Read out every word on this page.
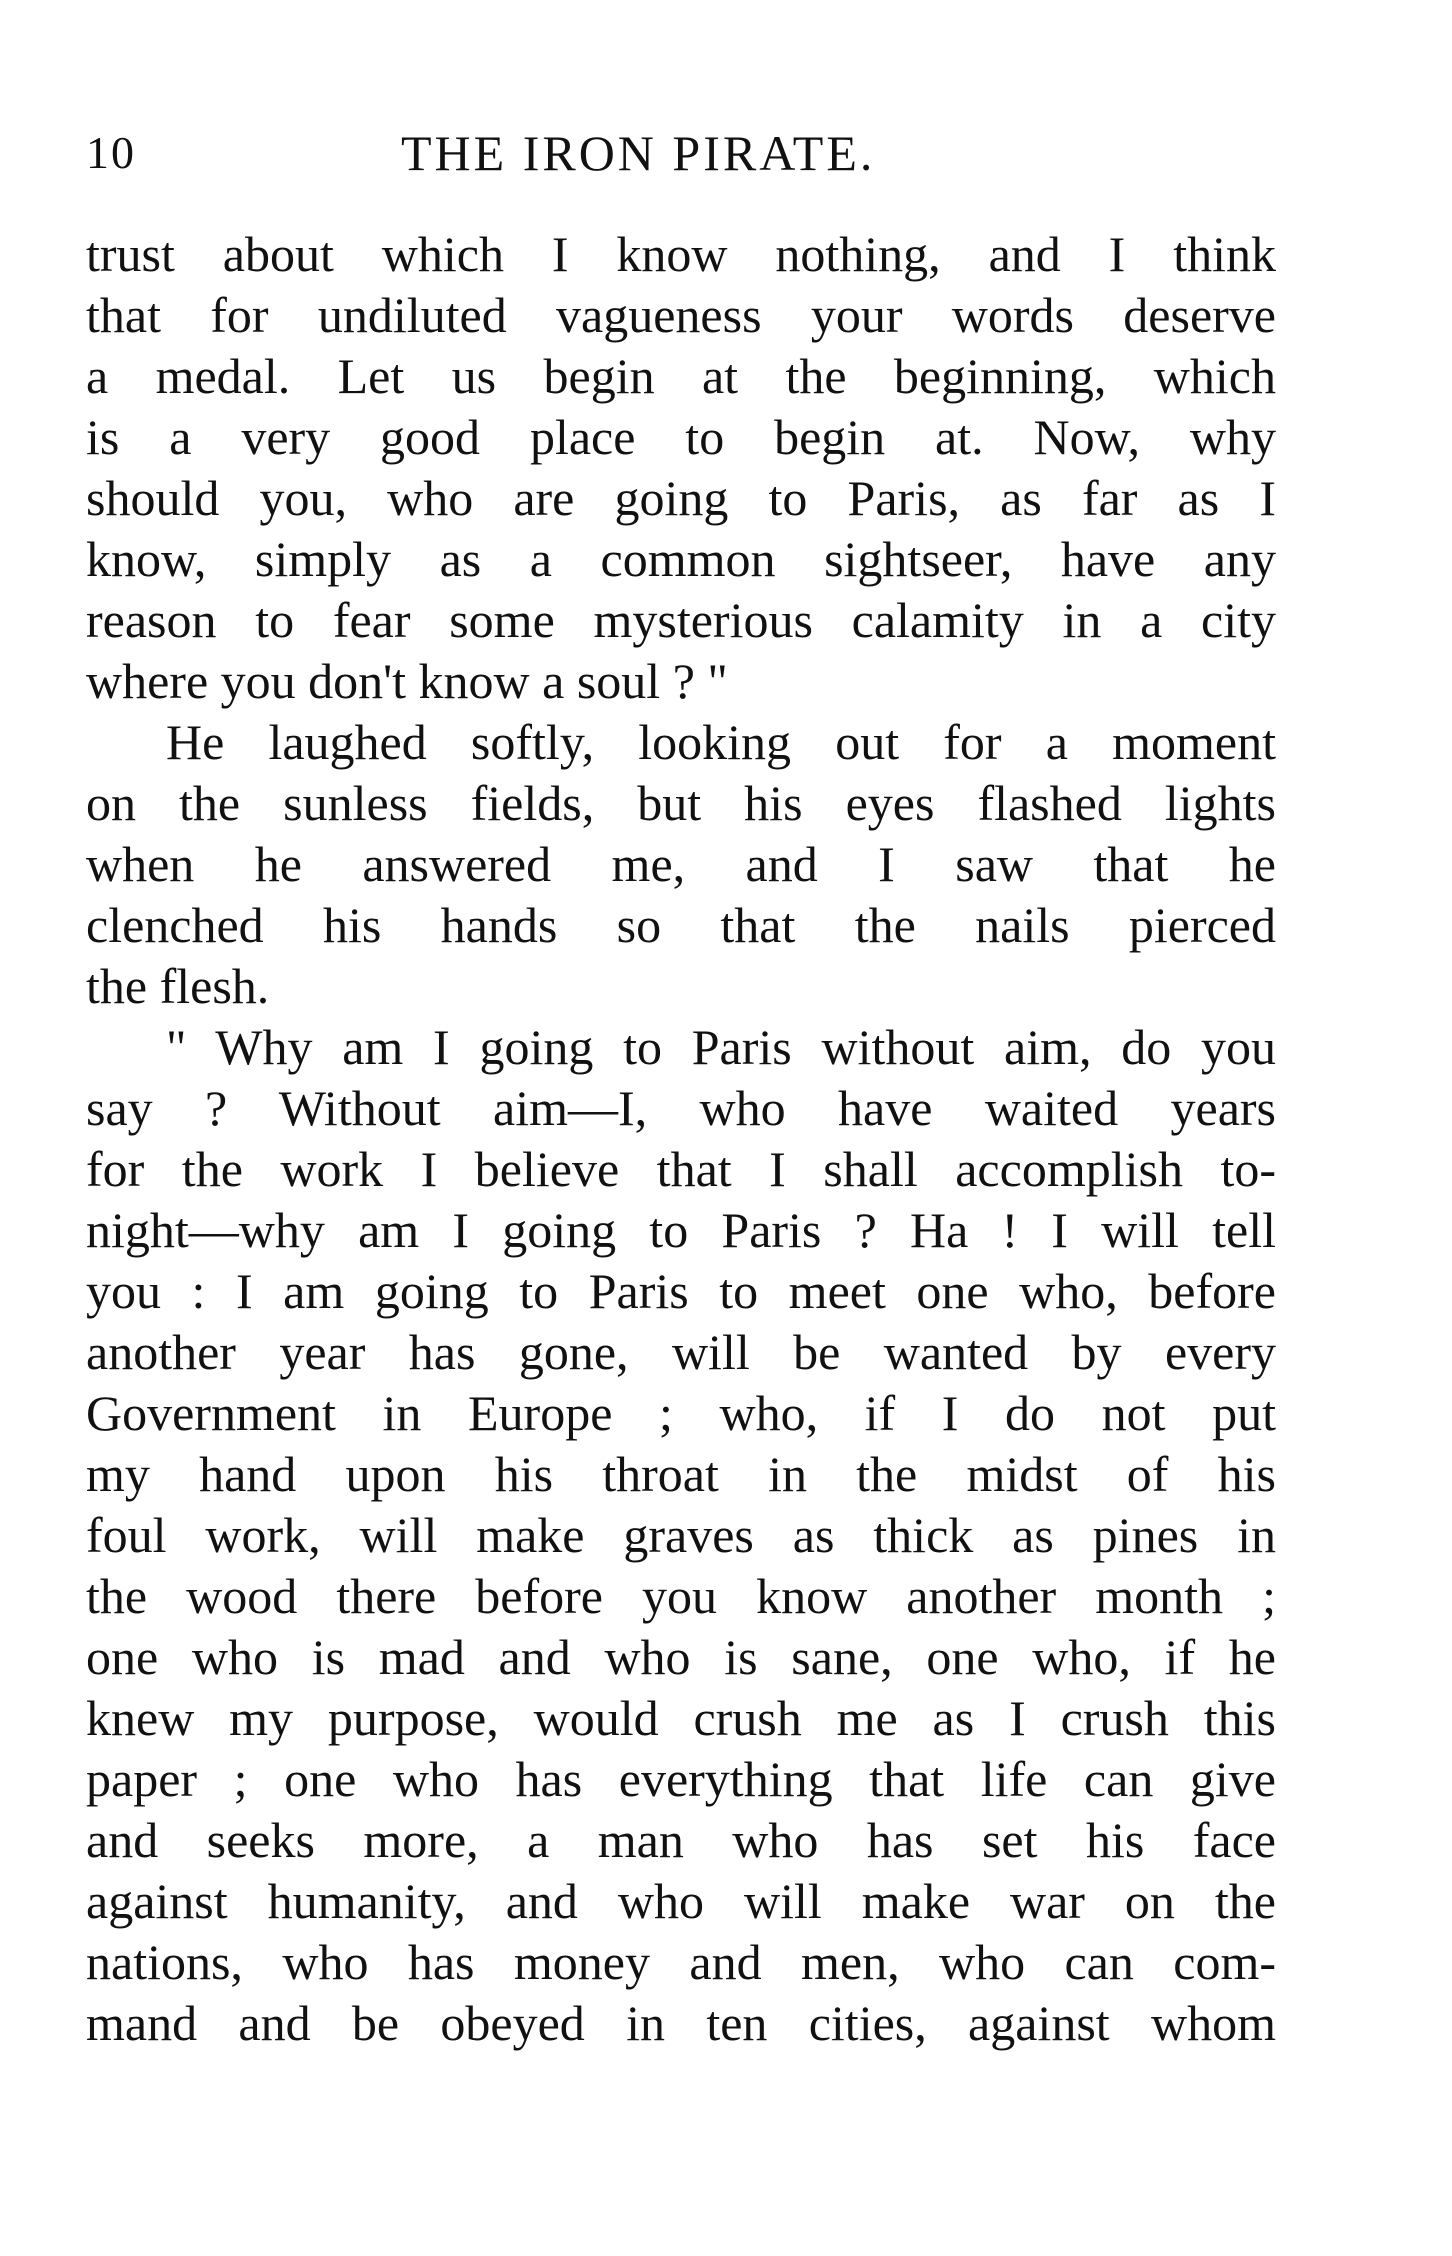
10	THE IRON PIRATE.
trust about which I know nothing, and I think
that for undiluted vagueness your words deserve
a medal. Let us begin at the beginning, which
is a very good place to begin at. Now, why
should you, who are going to Paris, as far as I
know, simply as a common sightseer, have any
reason to fear some mysterious calamity in a city
where you don't know a soul ? "
He laughed softly, looking out for a moment
on the sunless fields, but his eyes flashed lights
when he answered me, and I saw that he
clenched his hands so that the nails pierced
the flesh.
" Why am I going to Paris without aim, do you
say ? Without aim—I, who have waited years
for the work I believe that I shall accomplish to-
night—why am I going to Paris ? Ha ! I will tell
you : I am going to Paris to meet one who, before
another year has gone, will be wanted by every
Government in Europe ; who, if I do not put
my hand upon his throat in the midst of his
foul work, will make graves as thick as pines in
the wood there before you know another month ;
one who is mad and who is sane, one who, if he
knew my purpose, would crush me as I crush this
paper ; one who has everything that life can give
and seeks more, a man who has set his face
against humanity, and who will make war on the
nations, who has money and men, who can com-
mand and be obeyed in ten cities, against whom
